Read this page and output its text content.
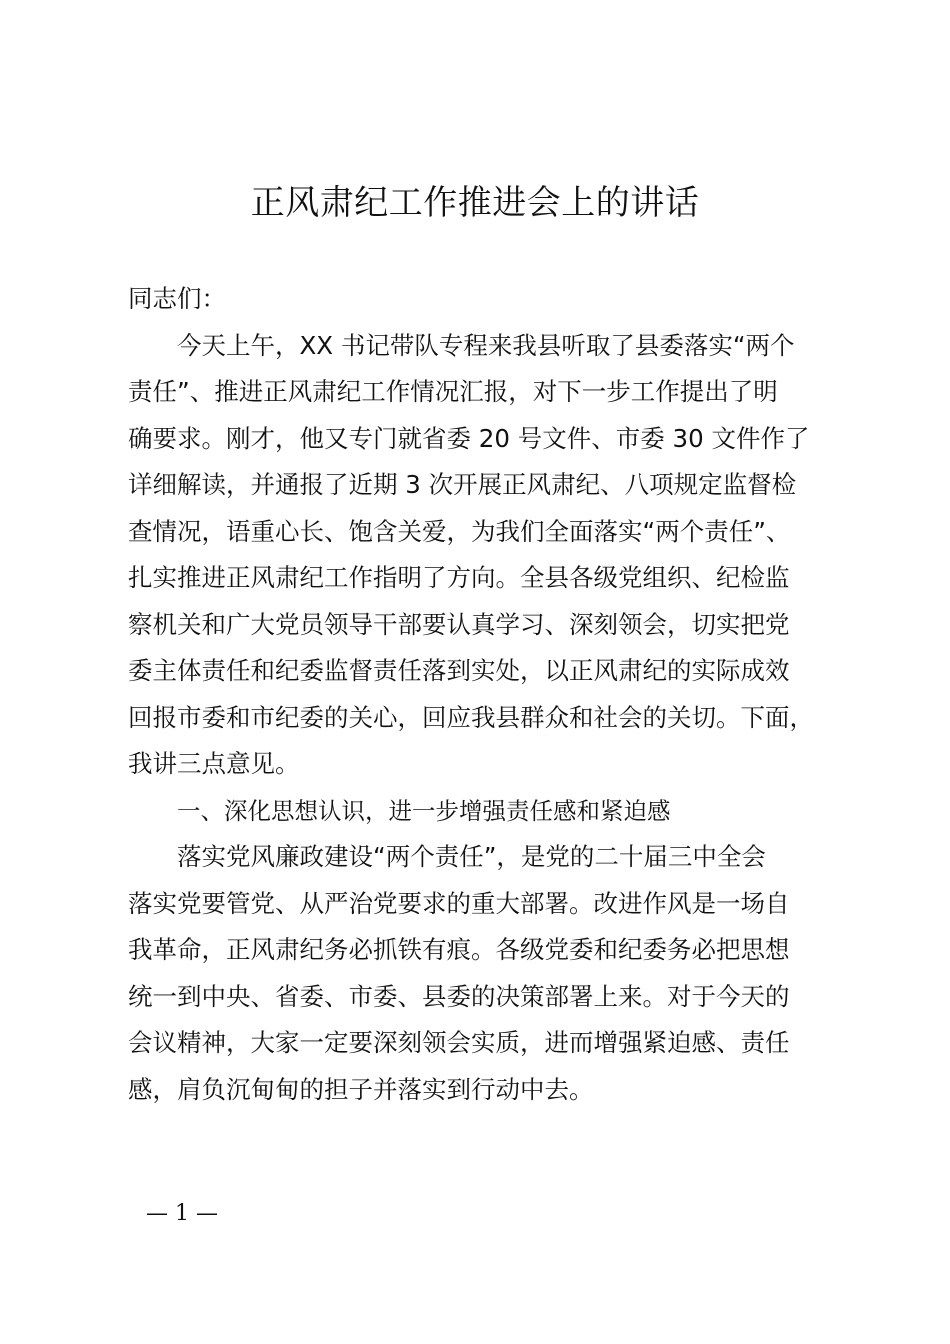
正风肃纪工作推进会上的讲话

同志们：

今天上午，XX 书记带队专程来我县听取了县委落实“两个

责任”、推进正风肃纪工作情况汇报，对下一步工作提出了明

确要求。刚才，他又专门就省委 20 号文件、市委 30 文件作了

详细解读，并通报了近期 3 次开展正风肃纪、八项规定监督检

查情况，语重心长、饱含关爱，为我们全面落实“两个责任”、

扎实推进正风肃纪工作指明了方向。全县各级党组织、纪检监

察机关和广大党员领导干部要认真学习、深刻领会，切实把党

委主体责任和纪委监督责任落到实处，以正风肃纪的实际成效

回报市委和市纪委的关心，回应我县群众和社会的关切。下面，

我讲三点意见。

一、深化思想认识，进一步增强责任感和紧迫感

落实党风廉政建设“两个责任”，是党的二十届三中全会

落实党要管党、从严治党要求的重大部署。改进作风是一场自

我革命，正风肃纪务必抓铁有痕。各级党委和纪委务必把思想

统一到中央、省委、市委、县委的决策部署上来。对于今天的

会议精神，大家一定要深刻领会实质，进而增强紧迫感、责任

感，肩负沉甸甸的担子并落实到行动中去。

— 1 —
